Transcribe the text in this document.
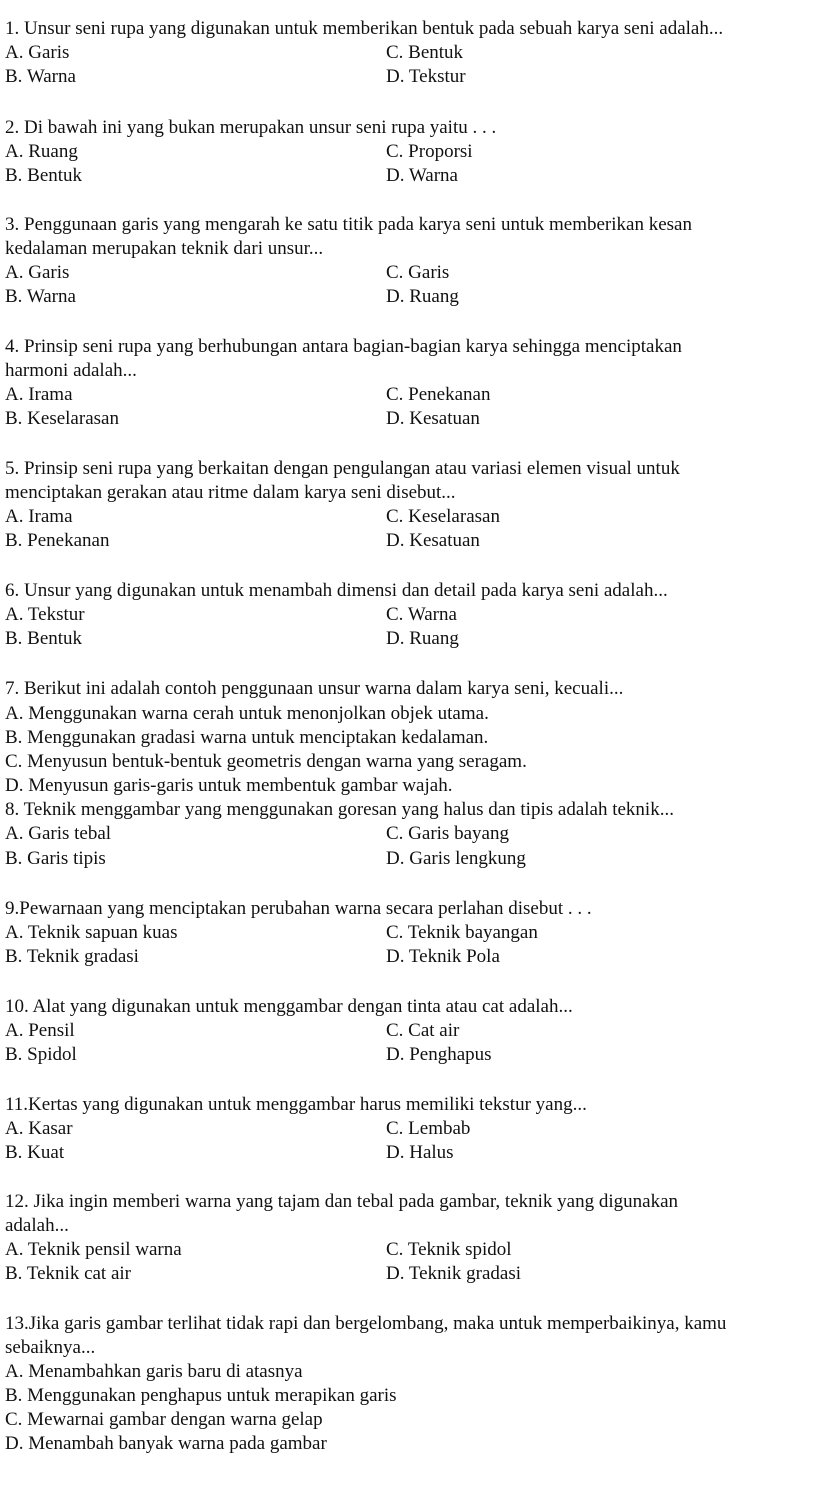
1. Unsur seni rupa yang digunakan untuk memberikan bentuk pada sebuah karya seni adalah...
A. Garis	C. Bentuk
B. Warna	D. Tekstur
2. Di bawah ini yang bukan merupakan unsur seni rupa yaitu . . .
A. Ruang	C. Proporsi
B. Bentuk	D. Warna
3. Penggunaan garis yang mengarah ke satu titik pada karya seni untuk memberikan kesan
kedalaman merupakan teknik dari unsur...
A. Garis	C. Garis
B. Warna	D. Ruang
4. Prinsip seni rupa yang berhubungan antara bagian-bagian karya sehingga menciptakan
harmoni adalah...
A. Irama	C. Penekanan
B. Keselarasan	D. Kesatuan
5. Prinsip seni rupa yang berkaitan dengan pengulangan atau variasi elemen visual untuk
menciptakan gerakan atau ritme dalam karya seni disebut...
A. Irama	C. Keselarasan
B. Penekanan	D. Kesatuan
6. Unsur yang digunakan untuk menambah dimensi dan detail pada karya seni adalah...
A. Tekstur	C. Warna
B. Bentuk	D. Ruang
7. Berikut ini adalah contoh penggunaan unsur warna dalam karya seni, kecuali...
A. Menggunakan warna cerah untuk menonjolkan objek utama.
B. Menggunakan gradasi warna untuk menciptakan kedalaman.
C. Menyusun bentuk-bentuk geometris dengan warna yang seragam.
D. Menyusun garis-garis untuk membentuk gambar wajah.
8. Teknik menggambar yang menggunakan goresan yang halus dan tipis adalah teknik...
A. Garis tebal	C. Garis bayang
B. Garis tipis	D. Garis lengkung
9.Pewarnaan yang menciptakan perubahan warna secara perlahan disebut . . .
A. Teknik sapuan kuas	C. Teknik bayangan
B. Teknik gradasi	D. Teknik Pola
10. Alat yang digunakan untuk menggambar dengan tinta atau cat adalah...
A. Pensil	C. Cat air
B. Spidol	D. Penghapus
11.Kertas yang digunakan untuk menggambar harus memiliki tekstur yang...
A. Kasar	C. Lembab
B. Kuat	D. Halus
12. Jika ingin memberi warna yang tajam dan tebal pada gambar, teknik yang digunakan
adalah...
A. Teknik pensil warna	C. Teknik spidol
B. Teknik cat air	D. Teknik gradasi
13.Jika garis gambar terlihat tidak rapi dan bergelombang, maka untuk memperbaikinya, kamu
sebaiknya...
A. Menambahkan garis baru di atasnya
B. Menggunakan penghapus untuk merapikan garis
C. Mewarnai gambar dengan warna gelap
D. Menambah banyak warna pada gambar
